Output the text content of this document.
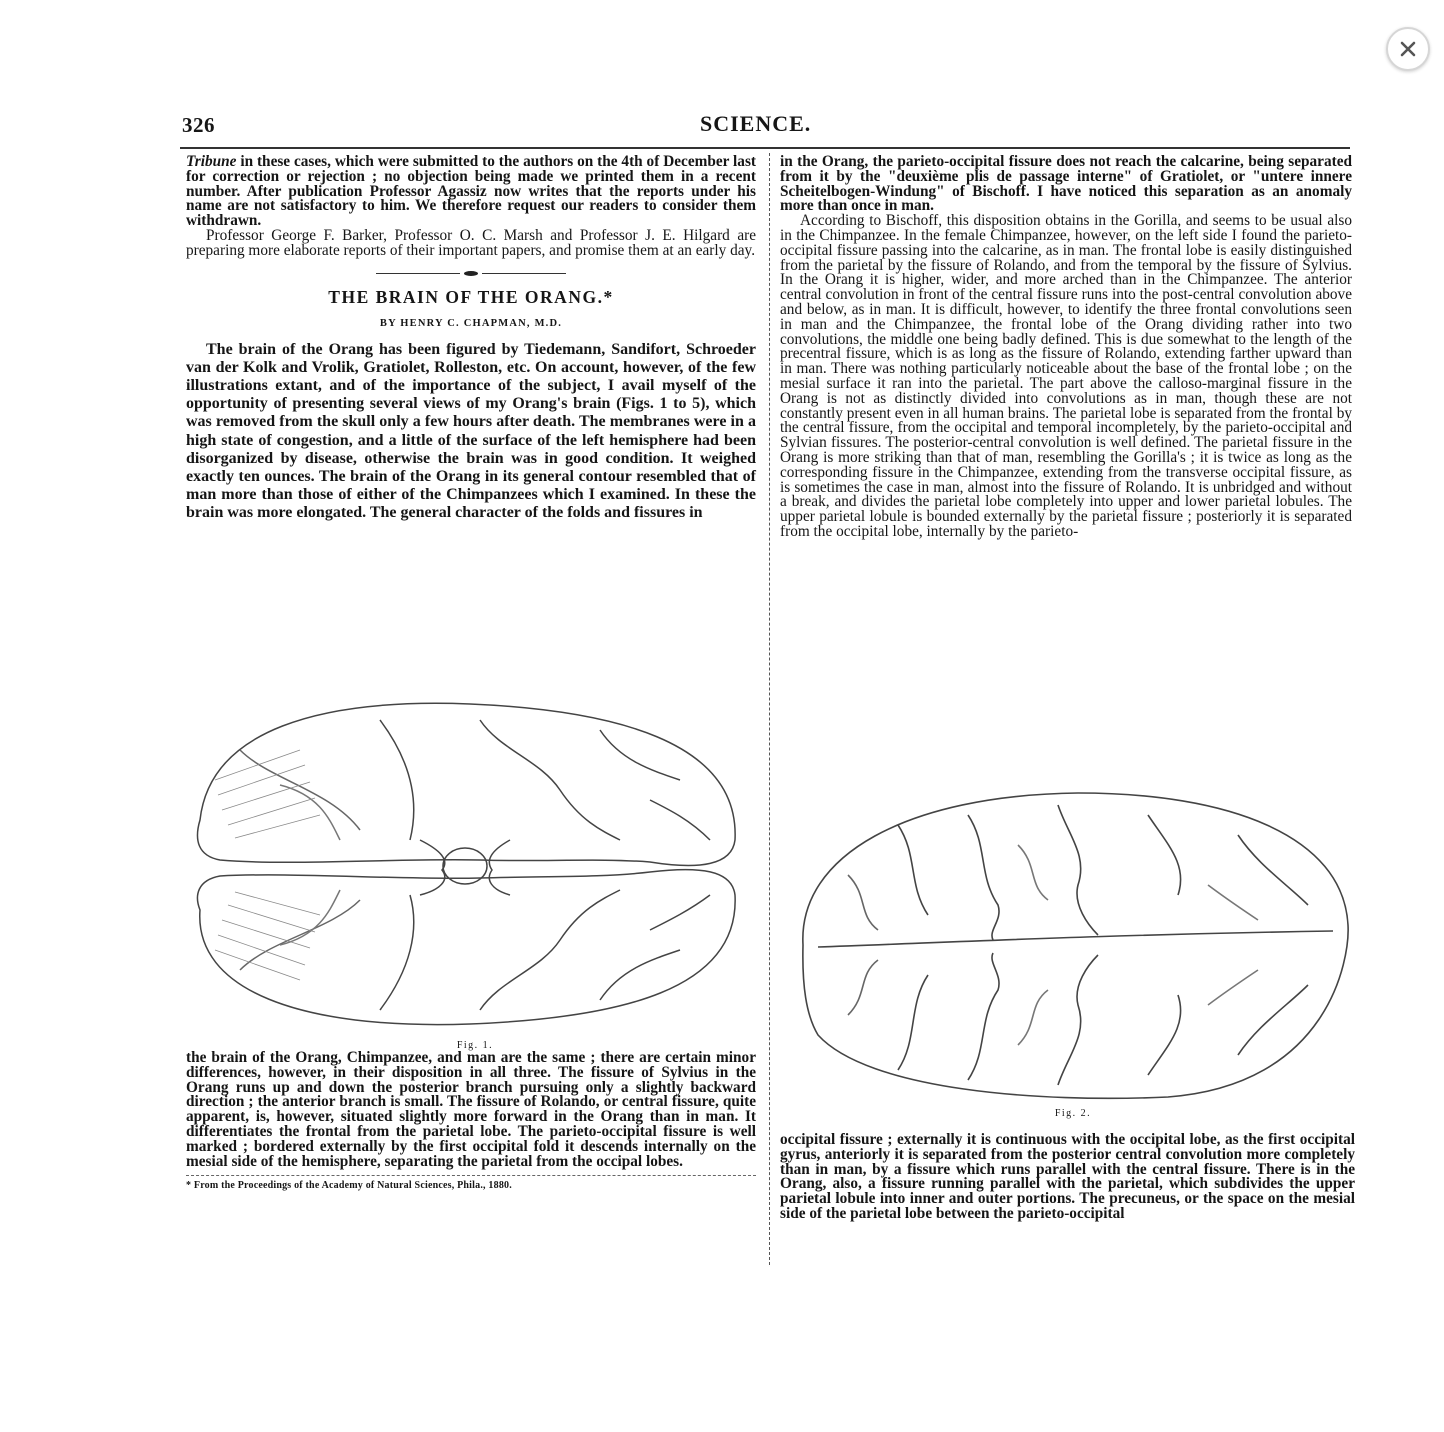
326	SCIENCE.

Tribune in these cases, which were submitted to the authors on the 4th of December last for correction or rejection ; no objection being made we printed them in a recent number. After publication Professor Agassiz now writes that the reports under his name are not satisfactory to him. We therefore request our readers to consider them withdrawn.

Professor George F. Barker, Professor O. C. Marsh and Professor J. E. Hilgard are preparing more elaborate reports of their important papers, and promise them at an early day.

THE BRAIN OF THE ORANG.*
BY HENRY C. CHAPMAN, M.D.

The brain of the Orang has been figured by Tiedemann, Sandifort, Schroeder van der Kolk and Vrolik, Gratiolet, Rolleston, etc. On account, however, of the few illustrations extant, and of the importance of the subject, I avail myself of the opportunity of presenting several views of my Orang's brain (Figs. 1 to 5), which was removed from the skull only a few hours after death. The membranes were in a high state of congestion, and a little of the surface of the left hemisphere had been disorganized by disease, otherwise the brain was in good condition. It weighed exactly ten ounces. The brain of the Orang in its general contour resembled that of man more than those of either of the Chimpanzees which I examined. In these the brain was more elongated. The general character of the folds and fissures in

Fig. 1.

the brain of the Orang, Chimpanzee, and man are the same ; there are certain minor differences, however, in their disposition in all three. The fissure of Sylvius in the Orang runs up and down the posterior branch pursuing only a slightly backward direction ; the anterior branch is small. The fissure of Rolando, or central fissure, quite apparent, is, however, situated slightly more forward in the Orang than in man. It differentiates the frontal from the parietal lobe. The parieto-occipital fissure is well marked ; bordered externally by the first occipital fold it descends internally on the mesial side of the hemisphere, separating the parietal from the occipal lobes.

* From the Proceedings of the Academy of Natural Sciences, Phila., 1880.

in the Orang, the parieto-occipital fissure does not reach the calcarine, being separated from it by the "deuxième plis de passage interne" of Gratiolet, or "untere innere Scheitelbogen-Windung" of Bischoff. I have noticed this separation as an anomaly more than once in man.

According to Bischoff, this disposition obtains in the Gorilla, and seems to be usual also in the Chimpanzee. In the female Chimpanzee, however, on the left side I found the parieto-occipital fissure passing into the calcarine, as in man. The frontal lobe is easily distinguished from the parietal by the fissure of Rolando, and from the temporal by the fissure of Sylvius. In the Orang it is higher, wider, and more arched than in the Chimpanzee. The anterior central convolution in front of the central fissure runs into the post-central convolution above and below, as in man. It is difficult, however, to identify the three frontal convolutions seen in man and the Chimpanzee, the frontal lobe of the Orang dividing rather into two convolutions, the middle one being badly defined. This is due somewhat to the length of the precentral fissure, which is as long as the fissure of Rolando, extending farther upward than in man. There was nothing particularly noticeable about the base of the frontal lobe ; on the mesial surface it ran into the parietal. The part above the calloso-marginal fissure in the Orang is not as distinctly divided into convolutions as in man, though these are not constantly present even in all human brains. The parietal lobe is separated from the frontal by the central fissure, from the occipital and temporal incompletely, by the parieto-occipital and Sylvian fissures. The posterior-central convolution is well defined. The parietal fissure in the Orang is more striking than that of man, resembling the Gorilla's ; it is twice as long as the corresponding fissure in the Chimpanzee, extending from the transverse occipital fissure, as is sometimes the case in man, almost into the fissure of Rolando. It is unbridged and without a break, and divides the parietal lobe completely into upper and lower parietal lobules. The upper parietal lobule is bounded externally by the parietal fissure ; posteriorly it is separated from the occipital lobe, internally by the parieto-

Fig. 2.

occipital fissure ; externally it is continuous with the occipital lobe, as the first occipital gyrus, anteriorly it is separated from the posterior central convolution more completely than in man, by a fissure which runs parallel with the central fissure. There is in the Orang, also, a fissure running parallel with the parietal, which subdivides the upper parietal lobule into inner and outer portions. The precuneus, or the space on the mesial side of the parietal lobe between the parieto-occipital
